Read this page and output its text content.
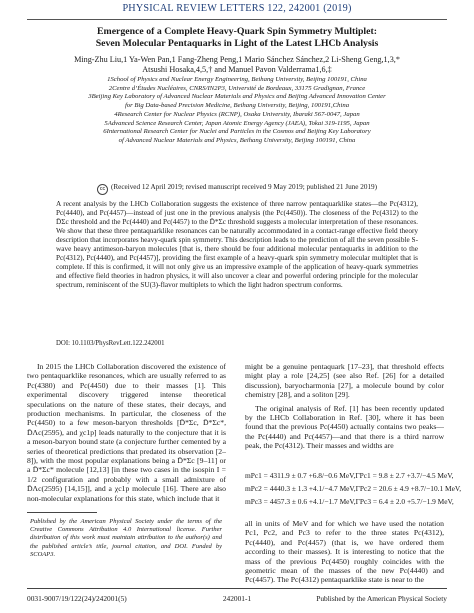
PHYSICAL REVIEW LETTERS 122, 242001 (2019)
Emergence of a Complete Heavy-Quark Spin Symmetry Multiplet:
Seven Molecular Pentaquarks in Light of the Latest LHCb Analysis
Ming-Zhu Liu,1 Ya-Wen Pan,1 Fang-Zheng Peng,1 Mario Sánchez Sánchez,2 Li-Sheng Geng,1,3,*
Atsushi Hosaka,4,5,† and Manuel Pavon Valderrama1,6,‡
1School of Physics and Nuclear Energy Engineering, Beihang University, Beijing 100191, China
2Centre d’Études Nucléaires, CNRS/IN2P3, Université de Bordeaux, 33175 Gradignan, France
3Beijing Key Laboratory of Advanced Nuclear Materials and Physics and Beijing Advanced Innovation Center
for Big Data-based Precision Medicine, Beihang University, Beijing, 100191,China
4Research Center for Nuclear Physics (RCNP), Osaka University, Ibaraki 567-0047, Japan
5Advanced Science Research Center, Japan Atomic Energy Agency (JAEA), Tokai 319-1195, Japan
6International Research Center for Nuclei and Particles in the Cosmos and Beijing Key Laboratory
of Advanced Nuclear Materials and Physics, Beihang University, Beijing 100191, China
cc (Received 12 April 2019; revised manuscript received 9 May 2019; published 21 June 2019)
A recent analysis by the LHCb Collaboration suggests the existence of three narrow pentaquarklike states—the Pc(4312), Pc(4440), and Pc(4457)—instead of just one in the previous analysis (the Pc(4450)). The closeness of the Pc(4312) to the D̄Σc threshold and the Pc(4440) and Pc(4457) to the D̄*Σc threshold suggests a molecular interpretation of these resonances. We show that these three pentaquarklike resonances can be naturally accommodated in a contact-range effective field theory description that incorporates heavy-quark spin symmetry. This description leads to the prediction of all the seven possible S-wave heavy antimeson-baryon molecules [that is, there should be four additional molecular pentaquarks in addition to the Pc(4312), Pc(4440), and Pc(4457)], providing the first example of a heavy-quark spin symmetry molecular multiplet that is complete. If this is confirmed, it will not only give us an impressive example of the application of heavy-quark symmetries and effective field theories in hadron physics, it will also uncover a clear and powerful ordering principle for the molecular spectrum, reminiscent of the SU(3)-flavor multiplets to which the light hadron spectrum conforms.
DOI: 10.1103/PhysRevLett.122.242001

In 2015 the LHCb Collaboration discovered the existence of two pentaquarklike resonances, which are usually referred to as Pc(4380) and Pc(4450) due to their masses [1]. This experimental discovery triggered intense theoretical speculations on the nature of these states, their decays, and production mechanisms. In particular, the closeness of the Pc(4450) to a few meson-baryon thresholds [D̄*Σc, D̄*Σc*, D̄Λc(2595), and χc1p] leads naturally to the conjecture that it is a meson-baryon bound state (a conjecture further cemented by a series of theoretical predictions that predated its observation [2–8]), with the most popular explanations being a D̄*Σc [9–11] or a D̄*Σc* molecule [12,13] [in these two cases in the isospin I = 1/2 configuration and probably with a small admixture of D̄Λc(2595) [14,15]], and a χc1p molecule [16]. There are also non-molecular explanations for this state, which include that it

Published by the American Physical Society under the terms of the Creative Commons Attribution 4.0 International license. Further distribution of this work must maintain attribution to the author(s) and the published article’s title, journal citation, and DOI. Funded by SCOAP3.

might be a genuine pentaquark [17–23], that threshold effects might play a role [24,25] (see also Ref. [26] for a detailed discussion), baryocharmonia [27], a molecule bound by color chemistry [28], and a soliton [29].

The original analysis of Ref. [1] has been recently updated by the LHCb Collaboration in Ref. [30], where it has been found that the previous Pc(4450) actually contains two peaks—the Pc(4440) and Pc(4457)—and that there is a third narrow peak, the Pc(4312). Their masses and widths are

mPc1 = 4311.9 ± 0.7 +6.8/−0.6 MeV, ΓPc1 = 9.8 ± 2.7 +3.7/−4.5 MeV,
mPc2 = 4440.3 ± 1.3 +4.1/−4.7 MeV, ΓPc2 = 20.6 ± 4.9 +8.7/−10.1 MeV,
mPc3 = 4457.3 ± 0.6 +4.1/−1.7 MeV, ΓPc3 = 6.4 ± 2.0 +5.7/−1.9 MeV,
all in units of MeV and for which we have used the notation Pc1, Pc2, and Pc3 to refer to the three states Pc(4312), Pc(4440), and Pc(4457) (that is, we have ordered them according to their masses). It is interesting to notice that the mass of the previous Pc(4450) roughly coincides with the geometric mean of the masses of the new Pc(4440) and Pc(4457). The Pc(4312) pentaquarklike state is near to the
0031-9007/19/122(24)/242001(5)	242001-1	Published by the American Physical Society
